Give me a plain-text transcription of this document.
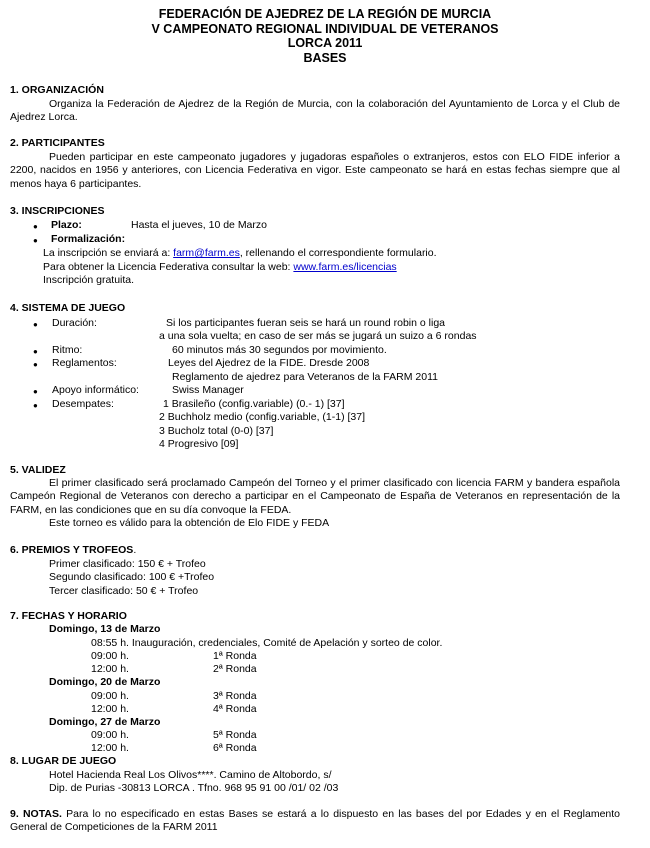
FEDERACIÓN DE AJEDREZ DE LA REGIÓN DE MURCIA
V CAMPEONATO REGIONAL INDIVIDUAL DE VETERANOS
LORCA 2011
BASES
1. ORGANIZACIÓN
Organiza la Federación de Ajedrez de la Región de Murcia, con la colaboración del Ayuntamiento de Lorca y el Club de Ajedrez Lorca.
2. PARTICIPANTES
Pueden participar en este campeonato jugadores y jugadoras españoles o extranjeros, estos con ELO FIDE inferior a 2200, nacidos en 1956 y anteriores, con Licencia Federativa en vigor. Este campeonato se hará en estas fechas siempre que al menos haya 6 participantes.
3. INSCRIPCIONES
● Plazo:	Hasta el jueves, 10 de Marzo
● Formalización:
La inscripción se enviará a: farm@farm.es, rellenando el correspondiente formulario.
Para obtener la Licencia Federativa consultar la web: www.farm.es/licencias
Inscripción gratuita.
4. SISTEMA DE JUEGO
● Duración:	Si los participantes fueran seis se hará un round robin o liga
a una sola vuelta; en caso de ser más se jugará un suizo a 6 rondas
● Ritmo:	60 minutos más 30 segundos por movimiento.
● Reglamentos:	Leyes del Ajedrez de la FIDE. Dresde 2008
Reglamento de ajedrez para Veteranos de la FARM 2011
● Apoyo informático:	Swiss Manager
● Desempates:	1 Brasileño (config.variable) (0.- 1) [37]
2 Buchholz medio (config.variable, (1-1) [37]
3 Bucholz total (0-0) [37]
4 Progresivo [09]
5. VALIDEZ
El primer clasificado será proclamado Campeón del Torneo y el primer clasificado con licencia FARM y bandera española Campeón Regional de Veteranos con derecho a participar en el Campeonato de España de Veteranos en representación de la FARM, en las condiciones que en su día convoque la FEDA.
Este torneo es válido para la obtención de Elo FIDE y FEDA
6. PREMIOS Y TROFEOS.
Primer clasificado: 150 € + Trofeo
Segundo clasificado: 100 € +Trofeo
Tercer clasificado: 50 € + Trofeo
7. FECHAS Y HORARIO
Domingo, 13 de Marzo
08:55 h. Inauguración, credenciales, Comité de Apelación y sorteo de color.
09:00 h.	1ª Ronda
12:00 h.	2ª Ronda
Domingo, 20 de Marzo
09:00 h.	3ª Ronda
12:00 h.	4ª Ronda
Domingo, 27 de Marzo
09:00 h.	5ª Ronda
12:00 h.	6ª Ronda
8. LUGAR DE JUEGO
Hotel Hacienda Real Los Olivos****. Camino de Altobordo, s/
Dip. de Purias -30813 LORCA . Tfno. 968 95 91 00 /01/ 02 /03
9. NOTAS. Para lo no especificado en estas Bases se estará a lo dispuesto en las bases del por Edades y en el Reglamento General de Competiciones de la FARM 2011
